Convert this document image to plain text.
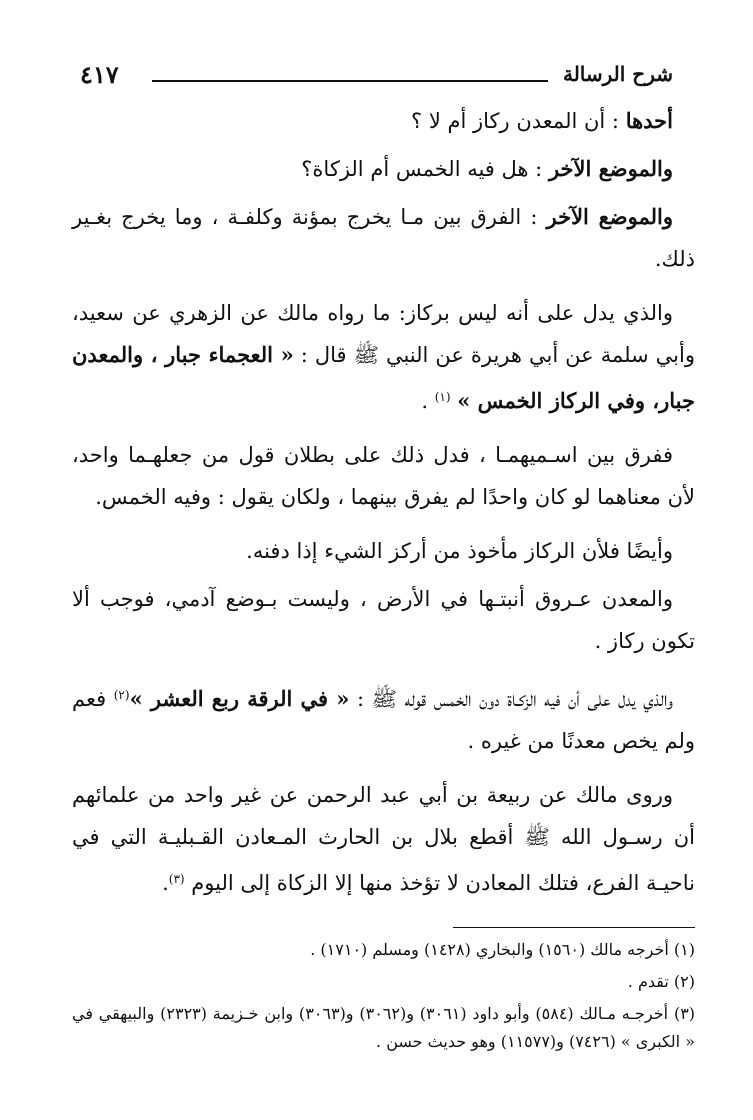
شرح الرسالة
٤١٧

أحدها : أن المعدن ركاز أم لا ؟

والموضع الآخر : هل فيه الخمس أم الزكاة؟

والموضع الآخر : الفرق بين مـا يخرج بمؤنة وكلفـة ، وما يخرج بغـير ذلك.

والذي يدل على أنه ليس بركاز: ما رواه مالك عن الزهري عن سعيد، وأبي سلمة عن أبي هريرة عن النبي ﷺ قال : « العجماء جبار ، والمعدن جبار، وفي الركاز الخمس » $^{(١)}$ .

ففرق بين اسـميهمـا ، فدل ذلك على بطلان قول من جعلهـما واحد، لأن معناهما لو كان واحدًا لم يفرق بينهما ، ولكان يقول : وفيه الخمس.

وأيضًا فلأن الركاز مأخوذ من أركز الشيء إذا دفنه.

والمعدن عـروق أنبتـها في الأرض ، وليست بـوضع آدمي، فوجب ألا تكون ركاز .

والذي يدل على أن فيه الزكـاة دون الخمس قوله ﷺ : « في الرقة ربع العشر »$^{(٢)}$ فعم ولم يخص معدنًا من غيره .

وروى مالك عن ربيعة بن أبي عبد الرحمن عن غير واحد من علمائهم أن رسـول الله ﷺ أقطع بلال بن الحارث المـعادن القـبليـة التي في ناحيـة الفرع، فتلك المعادن لا تؤخذ منها إلا الزكاة إلى اليوم $^{(٣)}$.

(١) أخرجه مالك (١٥٦٠) والبخاري (١٤٢٨) ومسلم (١٧١٠) .

(٢) تقدم .

(٣) أخرجـه مـالك (٥٨٤) وأبو داود (٣٠٦١) و(٣٠٦٢) و(٣٠٦٣) وابن خـزيمة (٢٣٢٣) والبيهقي في « الكبرى » (٧٤٢٦) و(١١٥٧٧) وهو حديث حسن .
